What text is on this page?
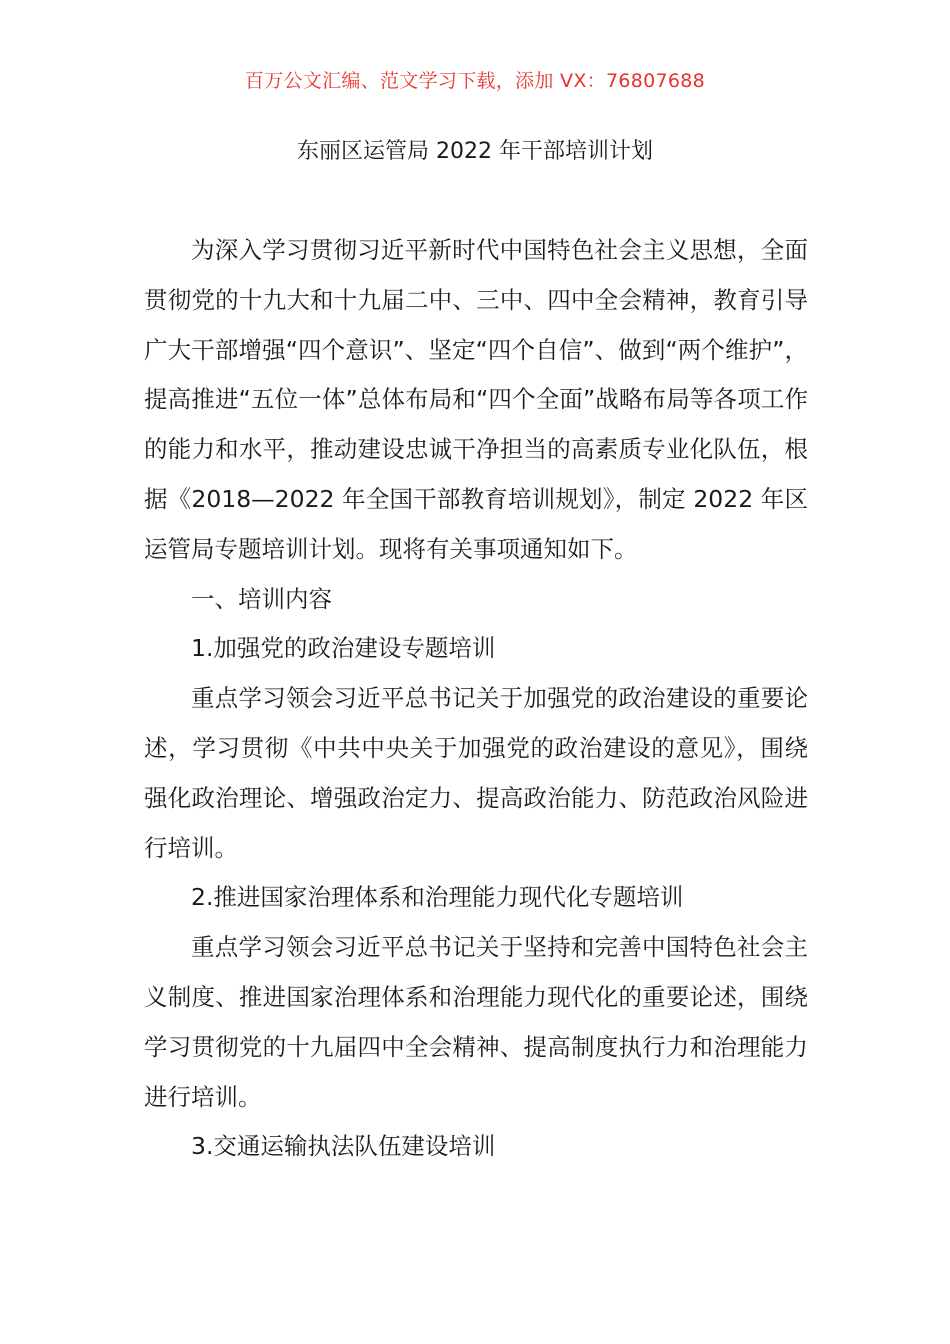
百万公文汇编、范文学习下载，添加 VX：76807688
东丽区运管局 2022 年干部培训计划

为深入学习贯彻习近平新时代中国特色社会主义思想，全面贯彻党的十九大和十九届二中、三中、四中全会精神，教育引导广大干部增强“四个意识”、坚定“四个自信”、做到“两个维护”，提高推进“五位一体”总体布局和“四个全面”战略布局等各项工作的能力和水平，推动建设忠诚干净担当的高素质专业化队伍，根据《2018—2022 年全国干部教育培训规划》，制定 2022 年区运管局专题培训计划。现将有关事项通知如下。

一、培训内容

1.加强党的政治建设专题培训

重点学习领会习近平总书记关于加强党的政治建设的重要论述，学习贯彻《中共中央关于加强党的政治建设的意见》，围绕强化政治理论、增强政治定力、提高政治能力、防范政治风险进行培训。

2.推进国家治理体系和治理能力现代化专题培训

重点学习领会习近平总书记关于坚持和完善中国特色社会主义制度、推进国家治理体系和治理能力现代化的重要论述，围绕学习贯彻党的十九届四中全会精神、提高制度执行力和治理能力进行培训。

3.交通运输执法队伍建设培训
